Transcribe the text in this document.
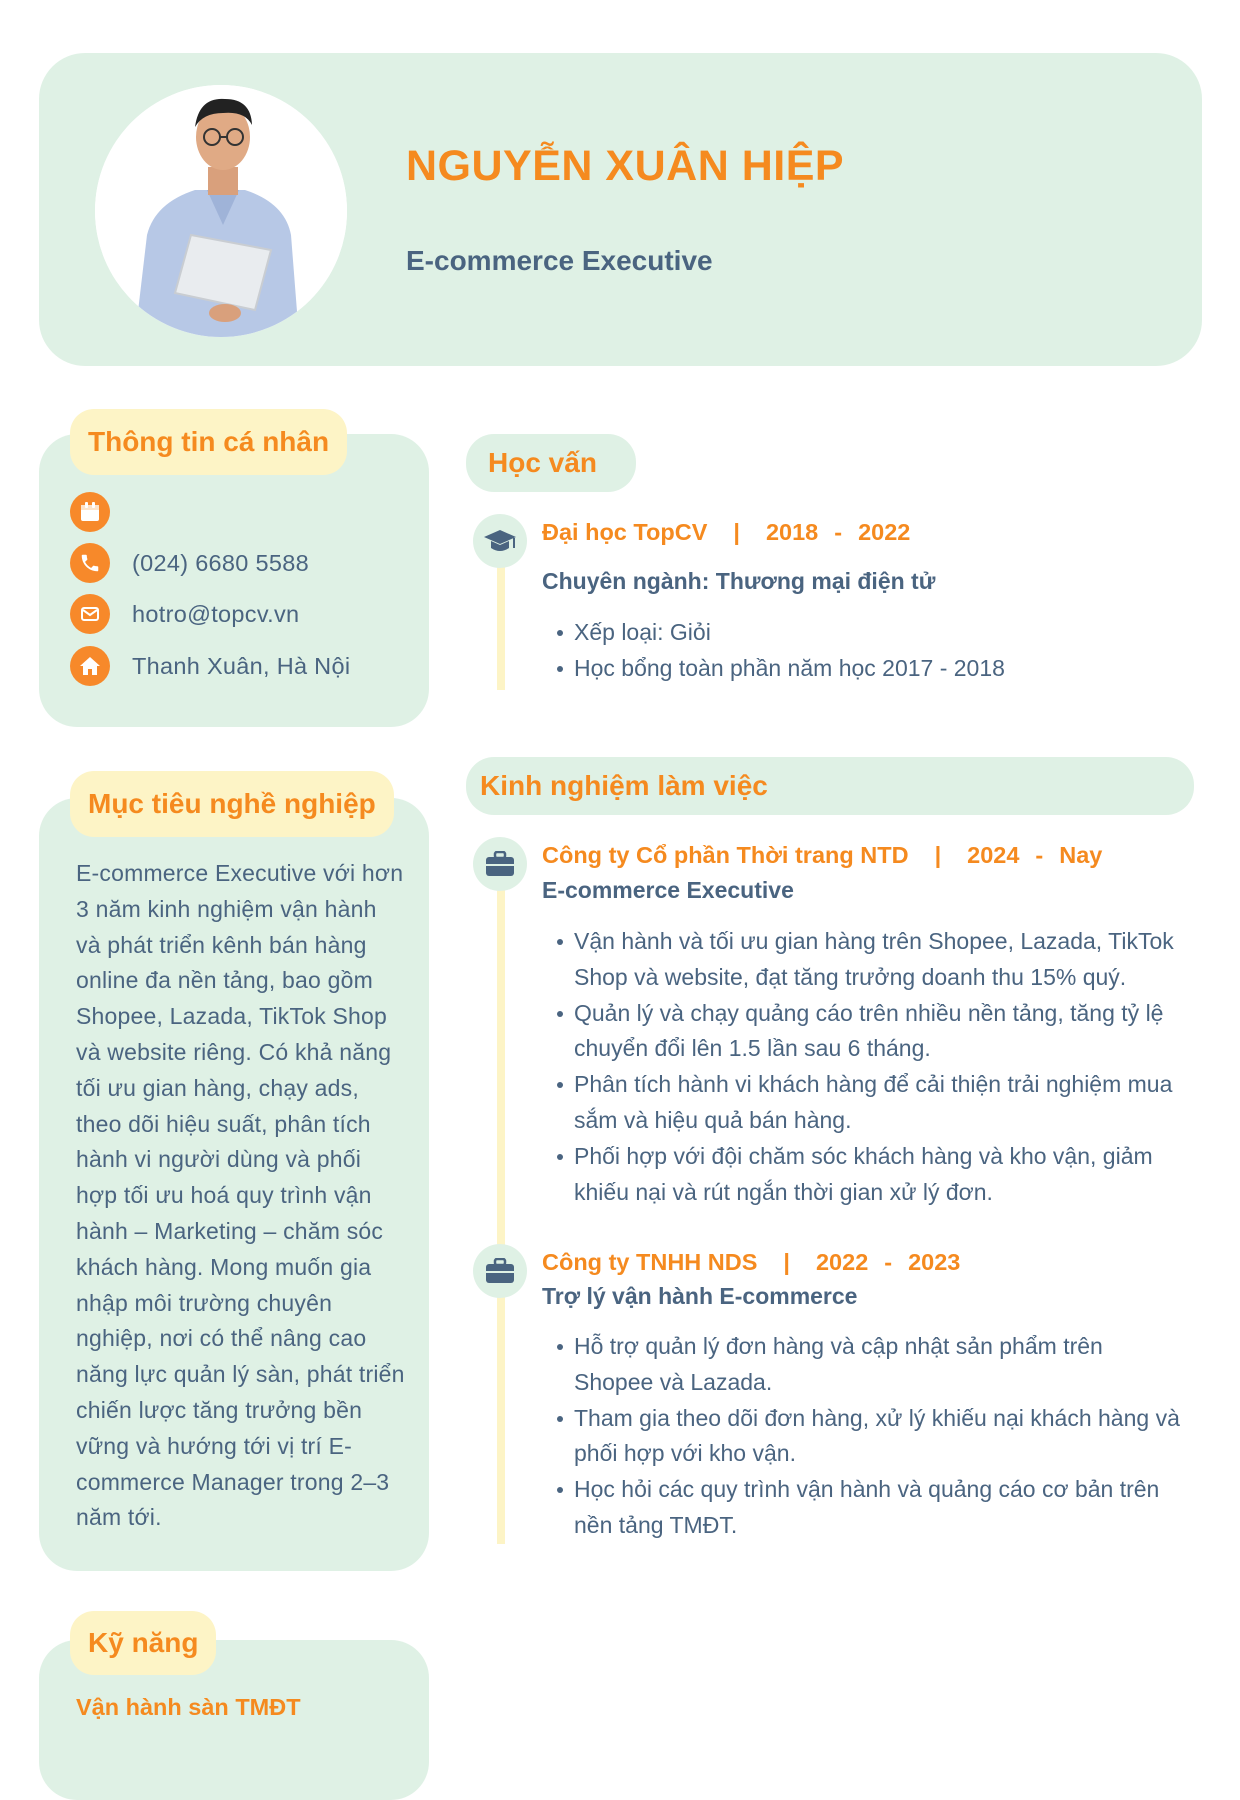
NGUYỄN XUÂN HIỆP
E-commerce Executive
Thông tin cá nhân
(024) 6680 5588
hotro@topcv.vn
Thanh Xuân, Hà Nội
Mục tiêu nghề nghiệp
E-commerce Executive với hơn 3 năm kinh nghiệm vận hành và phát triển kênh bán hàng online đa nền tảng, bao gồm Shopee, Lazada, TikTok Shop và website riêng. Có khả năng tối ưu gian hàng, chạy ads, theo dõi hiệu suất, phân tích hành vi người dùng và phối hợp tối ưu hoá quy trình vận hành – Marketing – chăm sóc khách hàng. Mong muốn gia nhập môi trường chuyên nghiệp, nơi có thể nâng cao năng lực quản lý sàn, phát triển chiến lược tăng trưởng bền vững và hướng tới vị trí E-commerce Manager trong 2–3 năm tới.
Kỹ năng
Vận hành sàn TMĐT
Học vấn
Đại học TopCV | 2018 - 2022
Chuyên ngành: Thương mại điện tử
Xếp loại: Giỏi
Học bổng toàn phần năm học 2017 - 2018
Kinh nghiệm làm việc
Công ty Cổ phần Thời trang NTD | 2024 - Nay
E-commerce Executive
Vận hành và tối ưu gian hàng trên Shopee, Lazada, TikTok Shop và website, đạt tăng trưởng doanh thu 15% quý.
Quản lý và chạy quảng cáo trên nhiều nền tảng, tăng tỷ lệ chuyển đổi lên 1.5 lần sau 6 tháng.
Phân tích hành vi khách hàng để cải thiện trải nghiệm mua sắm và hiệu quả bán hàng.
Phối hợp với đội chăm sóc khách hàng và kho vận, giảm khiếu nại và rút ngắn thời gian xử lý đơn.
Công ty TNHH NDS | 2022 - 2023
Trợ lý vận hành E-commerce
Hỗ trợ quản lý đơn hàng và cập nhật sản phẩm trên Shopee và Lazada.
Tham gia theo dõi đơn hàng, xử lý khiếu nại khách hàng và phối hợp với kho vận.
Học hỏi các quy trình vận hành và quảng cáo cơ bản trên nền tảng TMĐT.
